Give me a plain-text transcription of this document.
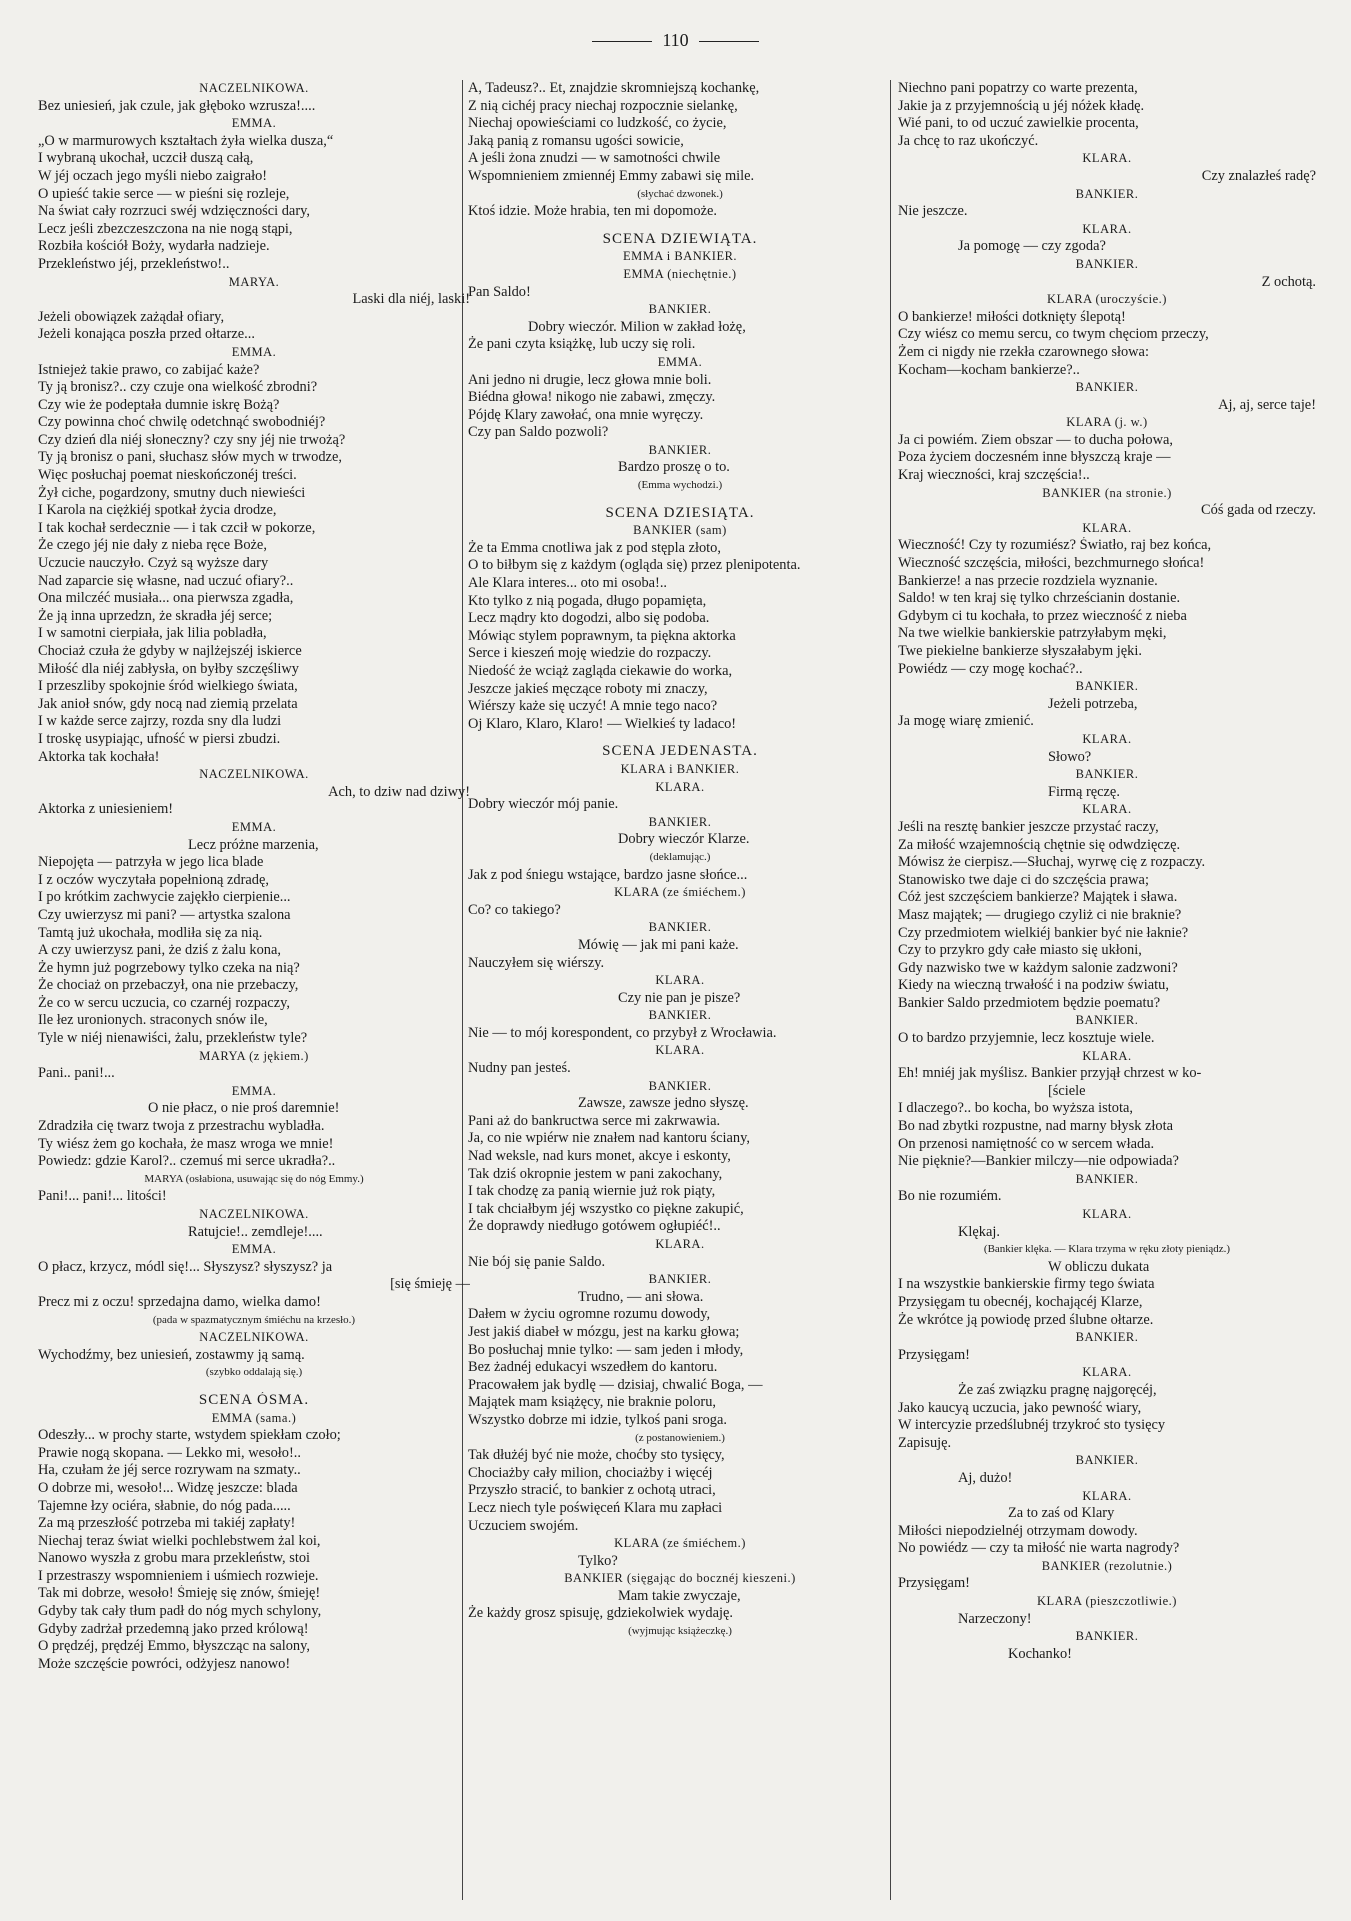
110
NACZELNIKOWA.
Bez uniesień, jak czule, jak głęboko wzrusza!....
EMMA.
„O w marmurowych kształtach żyła wielka dusza,“
I wybraną ukochał, uczcił duszą całą,
W jéj oczach jego myśli niebo zaigrało!
O upieść takie serce — w pieśni się rozleje,
Na świat cały rozrzuci swéj wdzięczności dary,
Lecz jeśli zbezczeszczona na nie nogą stąpi,
Rozbiła kościół Boży, wydarła nadzieje.
Przekleństwo jéj, przekleństwo!..
MARYA.
Laski dla niéj, laski!
Jeżeli obowiązek zażądał ofiary,
Jeżeli konająca poszła przed ołtarze...
EMMA.
Istniejeż takie prawo, co zabijać każe?
Ty ją bronisz?.. czy czuje ona wielkość zbrodni?
Czy wie że podeptała dumnie iskrę Bożą?
Czy powinna choć chwilę odetchnąć swobodniéj?
Czy dzień dla niéj słoneczny? czy sny jéj nie trwożą?
Ty ją bronisz o pani, słuchasz słów mych w trwodze,
Więc posłuchaj poemat nieskończonéj treści.
Żył ciche, pogardzony, smutny duch niewieści
I Karola na ciężkiéj spotkał życia drodze,
I tak kochał serdecznie — i tak czcił w pokorze,
Że czego jéj nie dały z niebа ręce Boże,
Uczucie nauczyło. Czyż są wyższe dary
Nad zaparcie się własne, nad uczuć ofiary?..
Ona milczéć musiała... ona pierwsza zgadła,
Że ją inna uprzedzn, że skradła jéj serce;
I w samotni cierpiała, jak lilia pobladła,
Chociaż czuła że gdyby w najlżejszéj iskierce
Miłość dla niéj zabłysła, on byłby szczęśliwy
I przeszliby spokojnie śród wielkiego świata,
Jak anioł snów, gdy nocą nad ziemią przelata
I w każde serce zajrzy, rozda sny dla ludzi
I troskę usypiając, ufność w piersi zbudzi.
Aktorka tak kochała!
NACZELNIKOWA.
Ach, to dziw nad dziwy!
Aktorka z uniesieniem!
EMMA.
Lecz próżne marzenia,
Niepojęta — patrzyła w jego lica blade
I z oczów wyczytała popełnioną zdradę,
I po krótkim zachwycie zajękło cierpienie...
Czy uwierzysz mi pani? — artystka szalona
Tamtą już ukochała, modliła się za nią.
A czy uwierzysz pani, że dziś z żalu kona,
Że hymn już pogrzebowy tylko czeka na nią?
Że chociaż on przebaczył, ona nie przebaczy,
Że co w sercu uczucia, co czarnéj rozpaczy,
Ile łez uronionych. straconych snów ile,
Tyle w niéj nienawiści, żalu, przekleństw tyle?
MARYA (z jękiem.)
Pani.. pani!...
EMMA.
O nie płacz, o nie proś daremnie!
Zdradziła cię twarz twoja z przestrachu wybladła.
Ty wiész żem go kochała, że masz wroga we mnie!
Powiedz: gdzie Karol?.. czemuś mi serce ukradła?..
MARYA (osłabiona, usuwając się do nóg Emmy.)
Pani!... pani!... litości!
NACZELNIKOWA.
Ratujcie!.. zemdleje!....
EMMA.
O płacz, krzycz, módl się!... Słyszysz? słyszysz? ja
[się śmieję —
Precz mi z oczu! sprzedajna damo, wielka damo!
(pada w spazmatycznym śmiéchu na krzesło.)
NACZELNIKOWA.
Wychodźmy, bez uniesień, zostawmy ją samą.
(szybko oddalają się.)
SCENA ÓSMA.
EMMA (sama.)
Odeszły... w prochy starte, wstydem spiekłam czoło;
Prawie nogą skopana. — Lekko mi, wesoło!..
Ha, czułam że jéj serce rozrywam na szmaty..
O dobrze mi, wesoło!... Widzę jeszcze: blada
Tajemne łzy ociéra, słabnie, do nóg pada.....
Za mą przeszłość potrzeba mi takiéj zapłaty!
Niechaj teraz świat wielki pochlebstwem żal koi,
Nanowo wyszła z grobu mara przekleństw, stoi
I przestraszy wspomnieniem i uśmiech rozwieje.
Tak mi dobrze, wesoło! Śmieję się znów, śmieję!
Gdyby tak cały tłum padł do nóg mych schylony,
Gdyby zadrżał przedemną jako przed królową!
O prędzéj, prędzéj Emmo, błyszcząc na salony,
Może szczęście powróci, odżyjesz nanowo!
A, Tadeusz?.. Et, znajdzie skromniejszą kochankę,
Z nią cichéj pracy niechaj rozpocznie sielankę,
Niechaj opowieściami co ludzkość, co życie,
Jaką panią z romansu ugości sowicie,
A jeśli żona znudzi — w samotności chwile
Wspomnieniem zmiennéj Emmy zabawi się mile.
(słychać dzwonek.)
Ktoś idzie. Może hrabia, ten mi dopomoże.
SCENA DZIEWIĄTA.
EMMA i BANKIER.
EMMA (niechętnie.)
Pan Saldo!
BANKIER.
Dobry wieczór. Milion w zakład łożę,
Że pani czyta książkę, lub uczy się roli.
EMMA.
Ani jedno ni drugie, lecz głowa mnie boli.
Biédna głowa! nikogo nie zabawi, zmęczy.
Pójdę Klary zawołać, ona mnie wyręczy.
Czy pan Saldo pozwoli?
BANKIER.
Bardzo proszę o to.
(Emma wychodzi.)
SCENA DZIESIĄTA.
BANKIER (sam)
Że ta Emma cnotliwa jak z pod stępla złoto,
O to biłbym się z każdym (ogląda się) przez plenipotenta.
Ale Klara interes... oto mi osoba!..
Kto tylko z nią pogada, długo popamięta,
Lecz mądry kto dogodzi, albo się podoba.
Mówiąc stylem poprawnym, ta piękna aktorka
Serce i kieszeń moję wiedzie do rozpaczy.
Niedość że wciąż zagląda ciekawie do worka,
Jeszcze jakieś męczące roboty mi znaczy,
Wiérszy każe się uczyć! A mnie tego naco?
Oj Klaro, Klaro, Klaro! — Wielkieś ty ladaco!
SCENA JEDENASTA.
KLARA i BANKIER.
KLARA.
Dobry wieczór mój panie.
BANKIER.
Dobry wieczór Klarze.
(deklamując.)
Jak z pod śniegu wstające, bardzo jasne słońce...
KLARA (ze śmiéchem.)
Co? co takiego?
BANKIER.
Mówię — jak mi pani każe.
Nauczyłem się wiérszy.
KLARA.
Czy nie pan je pisze?
BANKIER.
Nie — to mój korespondent, co przybył z Wrocławia.
KLARA.
Nudny pan jesteś.
BANKIER.
Zawsze, zawsze jedno słyszę.
Pani aż do bankructwa serce mi zakrwawia.
Ja, co nie wpiérw nie znałem nad kantoru ściany,
Nad weksle, nad kurs monet, akcye i eskonty,
Tak dziś okropnie jestem w pani zakochany,
I tak chodzę za panią wiernie już rok piąty,
I tak chciałbym jéj wszystko co piękne zakupić,
Że doprawdy niedługo gotówem ogłupiéć!..
KLARA.
Nie bój się panie Saldo.
BANKIER.
Trudno, — ani słowa.
Dałem w życiu ogromne rozumu dowody,
Jest jakiś diabeł w mózgu, jest na karku głowa;
Bo posłuchaj mnie tylko: — sam jeden i młody,
Bez żadnéj edukacyi wszedłem do kantoru.
Pracowałem jak bydlę — dzisiaj, chwalić Boga, —
Majątek mam książęcy, nie braknie poloru,
Wszystko dobrze mi idzie, tylkoś pani sroga.
(z postanowieniem.)
Tak dłużéj być nie może, choćby sto tysięcy,
Chociażby cały milion, chociażby i więcéj
Przyszło stracić, to bankier z ochotą utraci,
Lecz niech tyle poświęceń Klara mu zapłaci
Uczuciem swojém.
KLARA (ze śmiéchem.)
Tylko?
BANKIER (sięgając do bocznéj kieszeni.)
Mam takie zwyczaje,
Że każdy grosz spisuję, gdziekolwiek wydaję.
(wyjmując książeczkę.)
Niechno pani popatrzy co warte prezenta,
Jakie ja z przyjemnością u jéj nóżek kładę.
Wié pani, to od uczuć zawielkie procenta,
Ja chcę to raz ukończyć.
KLARA.
Czy znalazłeś radę?
BANKIER.
Nie jeszcze.
KLARA.
Ja pomogę — czy zgoda?
BANKIER.
Z ochotą.
KLARA (uroczyście.)
O bankierze! miłości dotknięty ślepotą!
Czy wiész co memu sercu, co twym chęciom przeczy,
Żem ci nigdy nie rzekła czarownego słowa:
Kocham—kocham bankierze?..
BANKIER.
Aj, aj, serce taje!
KLARA (j. w.)
Ja ci powiém. Ziem obszar — to ducha połowa,
Poza życiem doczesném inne błyszczą kraje —
Kraj wieczności, kraj szczęścia!..
BANKIER (na stronie.)
Cóś gada od rzeczy.
KLARA.
Wieczność! Czy ty rozumiész? Światło, raj bez końca,
Wieczność szczęścia, miłości, bezchmurnego słońca!
Bankierze! a nas przecie rozdziela wyznanie.
Saldo! w ten kraj się tylko chrześcianin dostanie.
Gdybym ci tu kochała, to przez wieczność z nieba
Na twe wielkie bankierskie patrzyłabym męki,
Twe piekielne bankierze słyszałabym jęki.
Powiédz — czy mogę kochać?..
BANKIER.
Jeżeli potrzeba,
Ja mogę wiarę zmienić.
KLARA.
Słowo?
BANKIER.
Firmą ręczę.
KLARA.
Jeśli na resztę bankier jeszcze przystać raczy,
Za miłość wzajemnością chętnie się odwdzięczę.
Mówisz że cierpisz.—Słuchaj, wyrwę cię z rozpaczy.
Stanowisko twe daje ci do szczęścia prawa;
Cóż jest szczęściem bankierze? Majątek i sława.
Masz majątek; — drugiego czyliż ci nie braknie?
Czy przedmiotem wielkiéj bankier być nie łaknie?
Czy to przykro gdy całe miasto się ukłoni,
Gdy nazwisko twe w każdym salonie zadzwoni?
Kiedy na wieczną trwałość i na podziw światu,
Bankier Saldo przedmiotem będzie poematu?
BANKIER.
O to bardzo przyjemnie, lecz kosztuje wiele.
KLARA.
Eh! mniéj jak myślisz. Bankier przyjął chrzest w ko-
[ściele
I dlaczego?.. bo kocha, bo wyższa istota,
Bo nad zbytki rozpustne, nad marny błysk złota
On przenosi namiętność co w sercem włada.
Nie pięknie?—Bankier milczy—nie odpowiada?
BANKIER.
Bo nie rozumiém.
KLARA.
Klękaj.
(Bankier klęka. — Klara trzyma w ręku złoty pieniądz.)
W obliczu dukata
I na wszystkie bankierskie firmy tego świata
Przysięgam tu obecnéj, kochającéj Klarze,
Że wkrótce ją powiodę przed ślubne ołtarze.
BANKIER.
Przysięgam!
KLARA.
Że zaś związku pragnę najgoręcéj,
Jako kaucyą uczucia, jako pewność wiary,
W intercyzie przedślubnéj trzykroć sto tysięcy
Zapisuję.
BANKIER.
Aj, dużo!
KLARA.
Za to zaś od Klary
Miłości niepodzielnéj otrzymam dowody.
No powiédz — czy ta miłość nie warta nagrody?
BANKIER (rezolutnie.)
Przysięgam!
KLARA (pieszczotliwie.)
Narzeczony!
BANKIER.
Kochanko!
